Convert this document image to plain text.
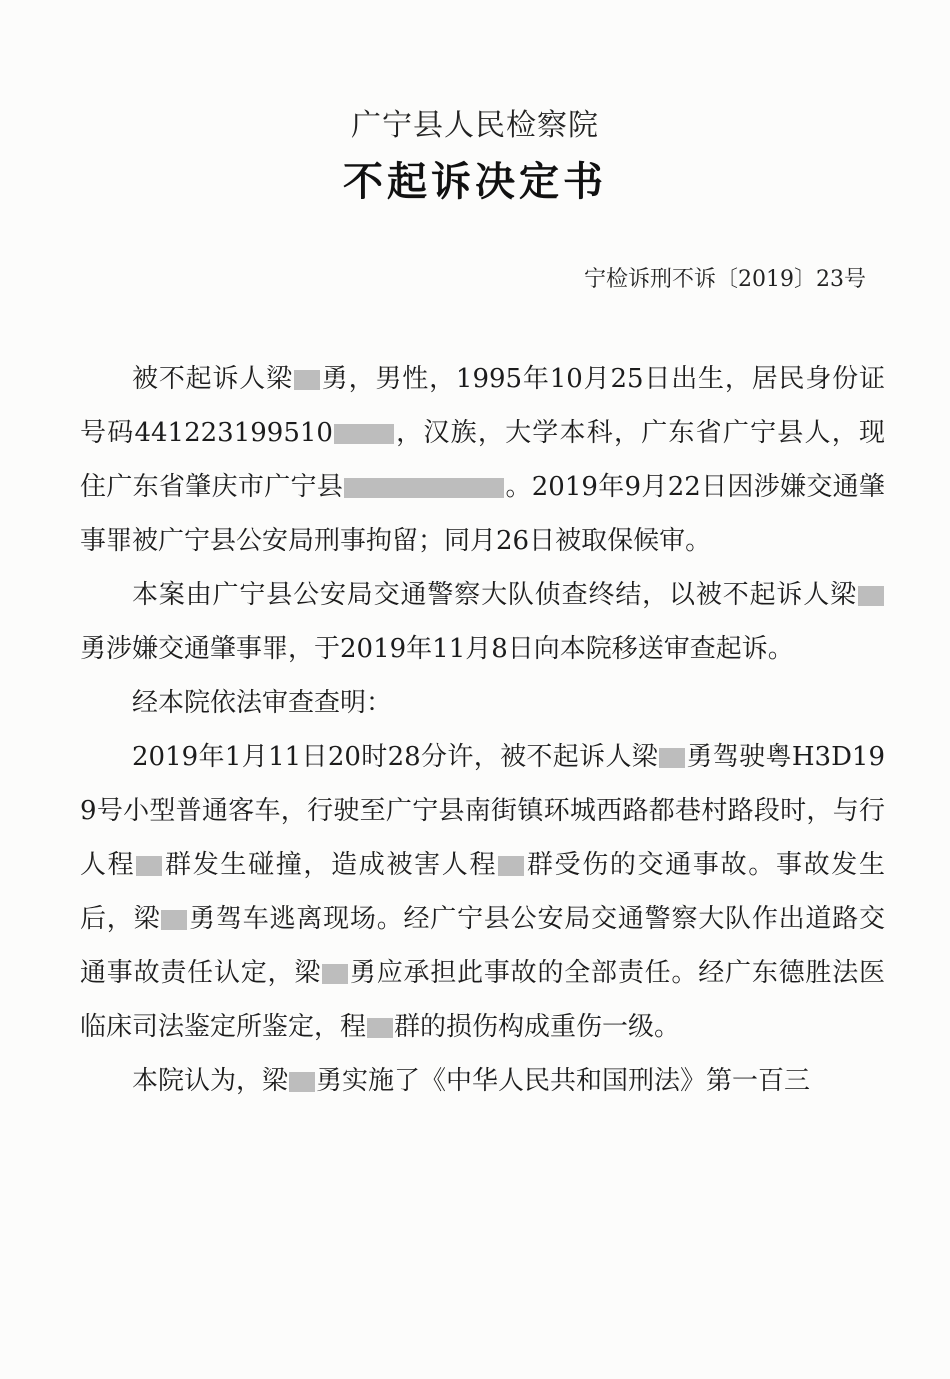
广宁县人民检察院
不起诉决定书
宁检诉刑不诉〔2019〕23号

被不起诉人梁 勇，男性，1995年10月25日出生，居民身份证号码441223199510 ，汉族，大学本科，广东省广宁县人，现住广东省肇庆市广宁县	。2019年9月22日因涉嫌交通肇事罪被广宁县公安局刑事拘留；同月26日被取保候审。

本案由广宁县公安局交通警察大队侦查终结，以被不起诉人梁勇涉嫌交通肇事罪，于2019年11月8日向本院移送审查起诉。

经本院依法审查查明：

2019年1月11日20时28分许，被不起诉人梁 勇驾驶粤H3D199号小型普通客车，行驶至广宁县南街镇环城西路都巷村路段时，与行人程 群发生碰撞，造成被害人程 群受伤的交通事故。事故发生后，梁 勇驾车逃离现场。经广宁县公安局交通警察大队作出道路交通事故责任认定，梁 勇应承担此事故的全部责任。经广东德胜法医临床司法鉴定所鉴定，程 群的损伤构成重伤一级。

本院认为，梁 勇实施了《中华人民共和国刑法》第一百三
